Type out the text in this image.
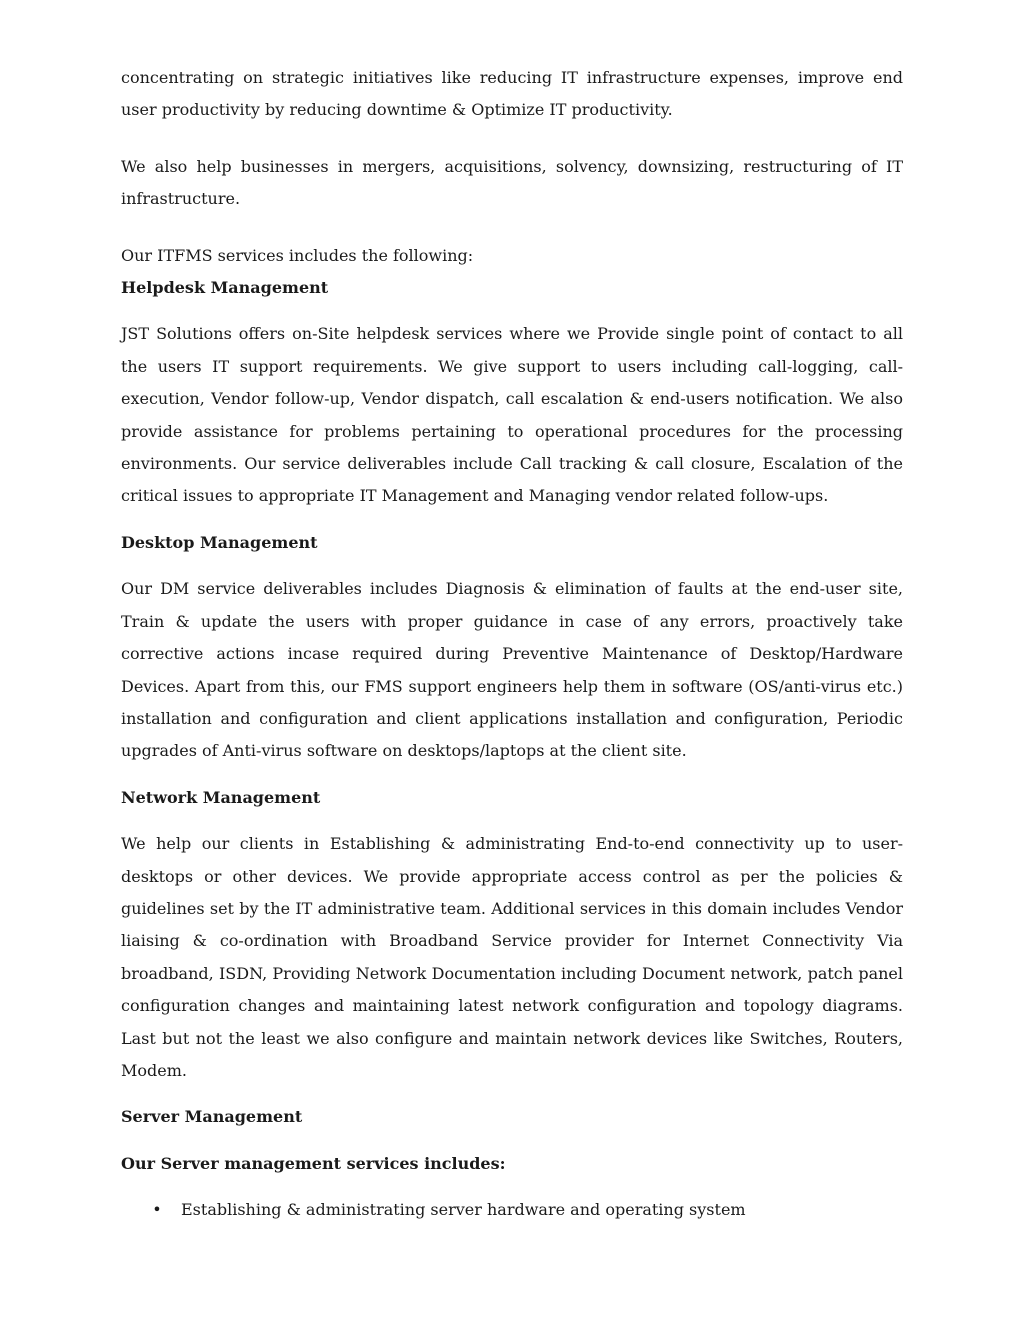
concentrating on strategic initiatives like reducing IT infrastructure expenses, improve end user productivity by reducing downtime & Optimize IT productivity.

We also help businesses in mergers, acquisitions, solvency, downsizing, restructuring of IT infrastructure.

Our ITFMS services includes the following:

Helpdesk Management

JST Solutions offers on-Site helpdesk services where we Provide single point of contact to all the users IT support requirements. We give support to users including call-logging, call-execution, Vendor follow-up, Vendor dispatch, call escalation & end-users notification. We also provide assistance for problems pertaining to operational procedures for the processing environments. Our service deliverables include Call tracking & call closure, Escalation of the critical issues to appropriate IT Management and Managing vendor related follow-ups.

Desktop Management

Our DM service deliverables includes Diagnosis & elimination of faults at the end-user site, Train & update the users with proper guidance in case of any errors, proactively take corrective actions incase required during Preventive Maintenance of Desktop/Hardware Devices. Apart from this, our FMS support engineers help them in software (OS/anti-virus etc.) installation and configuration and client applications installation and configuration, Periodic upgrades of Anti-virus software on desktops/laptops at the client site.

Network Management

We help our clients in Establishing & administrating End-to-end connectivity up to user-desktops or other devices. We provide appropriate access control as per the policies & guidelines set by the IT administrative team. Additional services in this domain includes Vendor liaising & co-ordination with Broadband Service provider for Internet Connectivity Via broadband, ISDN, Providing Network Documentation including Document network, patch panel configuration changes and maintaining latest network configuration and topology diagrams. Last but not the least we also configure and maintain network devices like Switches, Routers, Modem.

Server Management

Our Server management services includes:

• Establishing & administrating server hardware and operating system
